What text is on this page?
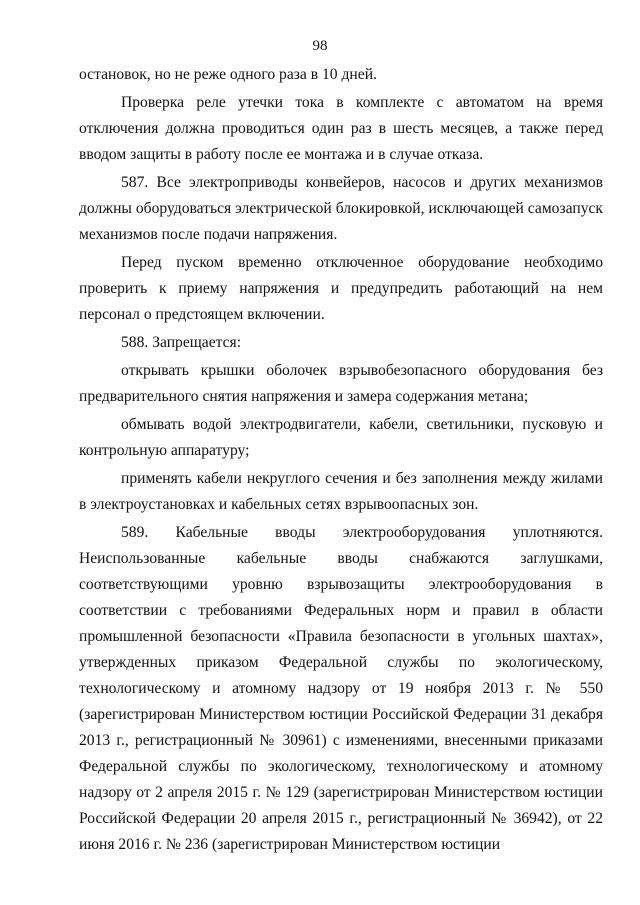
98

остановок, но не реже одного раза в 10 дней.

Проверка реле утечки тока в комплекте с автоматом на время отключения должна проводиться один раз в шесть месяцев, а также перед вводом защиты в работу после ее монтажа и в случае отказа.

587. Все электроприводы конвейеров, насосов и других механизмов должны оборудоваться электрической блокировкой, исключающей самозапуск механизмов после подачи напряжения.

Перед пуском временно отключенное оборудование необходимо проверить к приему напряжения и предупредить работающий на нем персонал о предстоящем включении.

588. Запрещается:

открывать крышки оболочек взрывобезопасного оборудования без предварительного снятия напряжения и замера содержания метана;

обмывать водой электродвигатели, кабели, светильники, пусковую и контрольную аппаратуру;

применять кабели некруглого сечения и без заполнения между жилами в электроустановках и кабельных сетях взрывоопасных зон.

589. Кабельные вводы электрооборудования уплотняются. Неиспользованные кабельные вводы снабжаются заглушками, соответствующими уровню взрывозащиты электрооборудования в соответствии с требованиями Федеральных норм и правил в области промышленной безопасности «Правила безопасности в угольных шахтах», утвержденных приказом Федеральной службы по экологическому, технологическому и атомному надзору от 19 ноября 2013 г. № 550 (зарегистрирован Министерством юстиции Российской Федерации 31 декабря 2013 г., регистрационный № 30961) с изменениями, внесенными приказами Федеральной службы по экологическому, технологическому и атомному надзору от 2 апреля 2015 г. № 129 (зарегистрирован Министерством юстиции Российской Федерации 20 апреля 2015 г., регистрационный № 36942), от 22 июня 2016 г. № 236 (зарегистрирован Министерством юстиции
